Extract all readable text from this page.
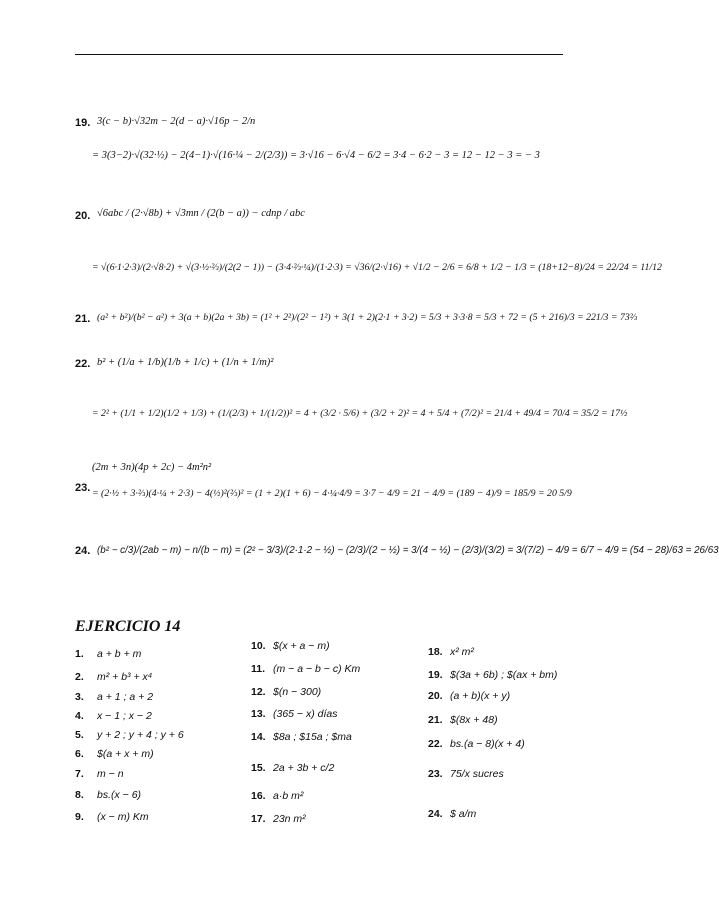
19. 3(c − b)·√32m − 2(d − a)·√16p − 2/n
= 3(3−2)·√(32·½) − 2(4−1)·√(16·¼ − 2/(2/3)) = 3·√16 − 6·√4 − 6/2 = 3·4 − 6·2 − 3 = 12 − 12 − 3 = − 3
20. √6abc / (2·√8b) + √3mn / (2(b − a)) − cdnp / abc
= √(6·1·2·3)/(2·√8·2) + √(3·½·⅔)/(2(2 − 1)) − (3·4·⅔·¼)/(1·2·3) = √36/(2·√16) + √1/2 − 2/6 = 6/8 + 1/2 − 1/3 = (18+12−8)/24 = 22/24 = 11/12
21. (a² + b²)/(b² − a²) + 3(a + b)(2a + 3b) = (1² + 2²)/(2² − 1²) + 3(1 + 2)(2·1 + 3·2) = 5/3 + 3·3·8 = 5/3 + 72 = (5 + 216)/3 = 221/3 = 73⅔
22. b² + (1/a + 1/b)(1/b + 1/c) + (1/n + 1/m)²
= 2² + (1/1 + 1/2)(1/2 + 1/3) + (1/(2/3) + 1/(1/2))² = 4 + (3/2 · 5/6) + (3/2 + 2)² = 4 + 5/4 + (7/2)² = 21/4 + 49/4 = 70/4 = 35/2 = 17½
23.
(2m + 3n)(4p + 2c) − 4m²n²
= (2·½ + 3·⅔)(4·¼ + 2·3) − 4(½)²(⅔)² = (1 + 2)(1 + 6) − 4·¼·4/9 = 3·7 − 4/9 = 21 − 4/9 = (189 − 4)/9 = 185/9 = 20 5/9
24. (b² − c/3)/(2ab − m) − n/(b − m) = (2² − 3/3)/(2·1·2 − ½) − (2/3)/(2 − ½) = 3/(4 − ½) − (2/3)/(3/2) = 3/(7/2) − 4/9 = 6/7 − 4/9 = (54 − 28)/63 = 26/63
EJERCICIO 14
1. a + b + m
2. m² + b³ + x⁴
3. a + 1 ; a + 2
4. x − 1 ; x − 2
5. y + 2 ; y + 4 ; y + 6
6. $(a + x + m)
7. m − n
8. bs.(x − 6)
9. (x − m) Km
10. $(x + a − m)
11. (m − a − b − c) Km
12. $(n − 300)
13. (365 − x) días
14. $8a ; $15a ; $ma
15. 2a + 3b + c/2
16. a·b m²
17. 23n m²
18. x² m²
19. $(3a + 6b) ; $(ax + bm)
20. (a + b)(x + y)
21. $(8x + 48)
22. bs.(a − 8)(x + 4)
23. 75/x sucres
24. $ a/m
